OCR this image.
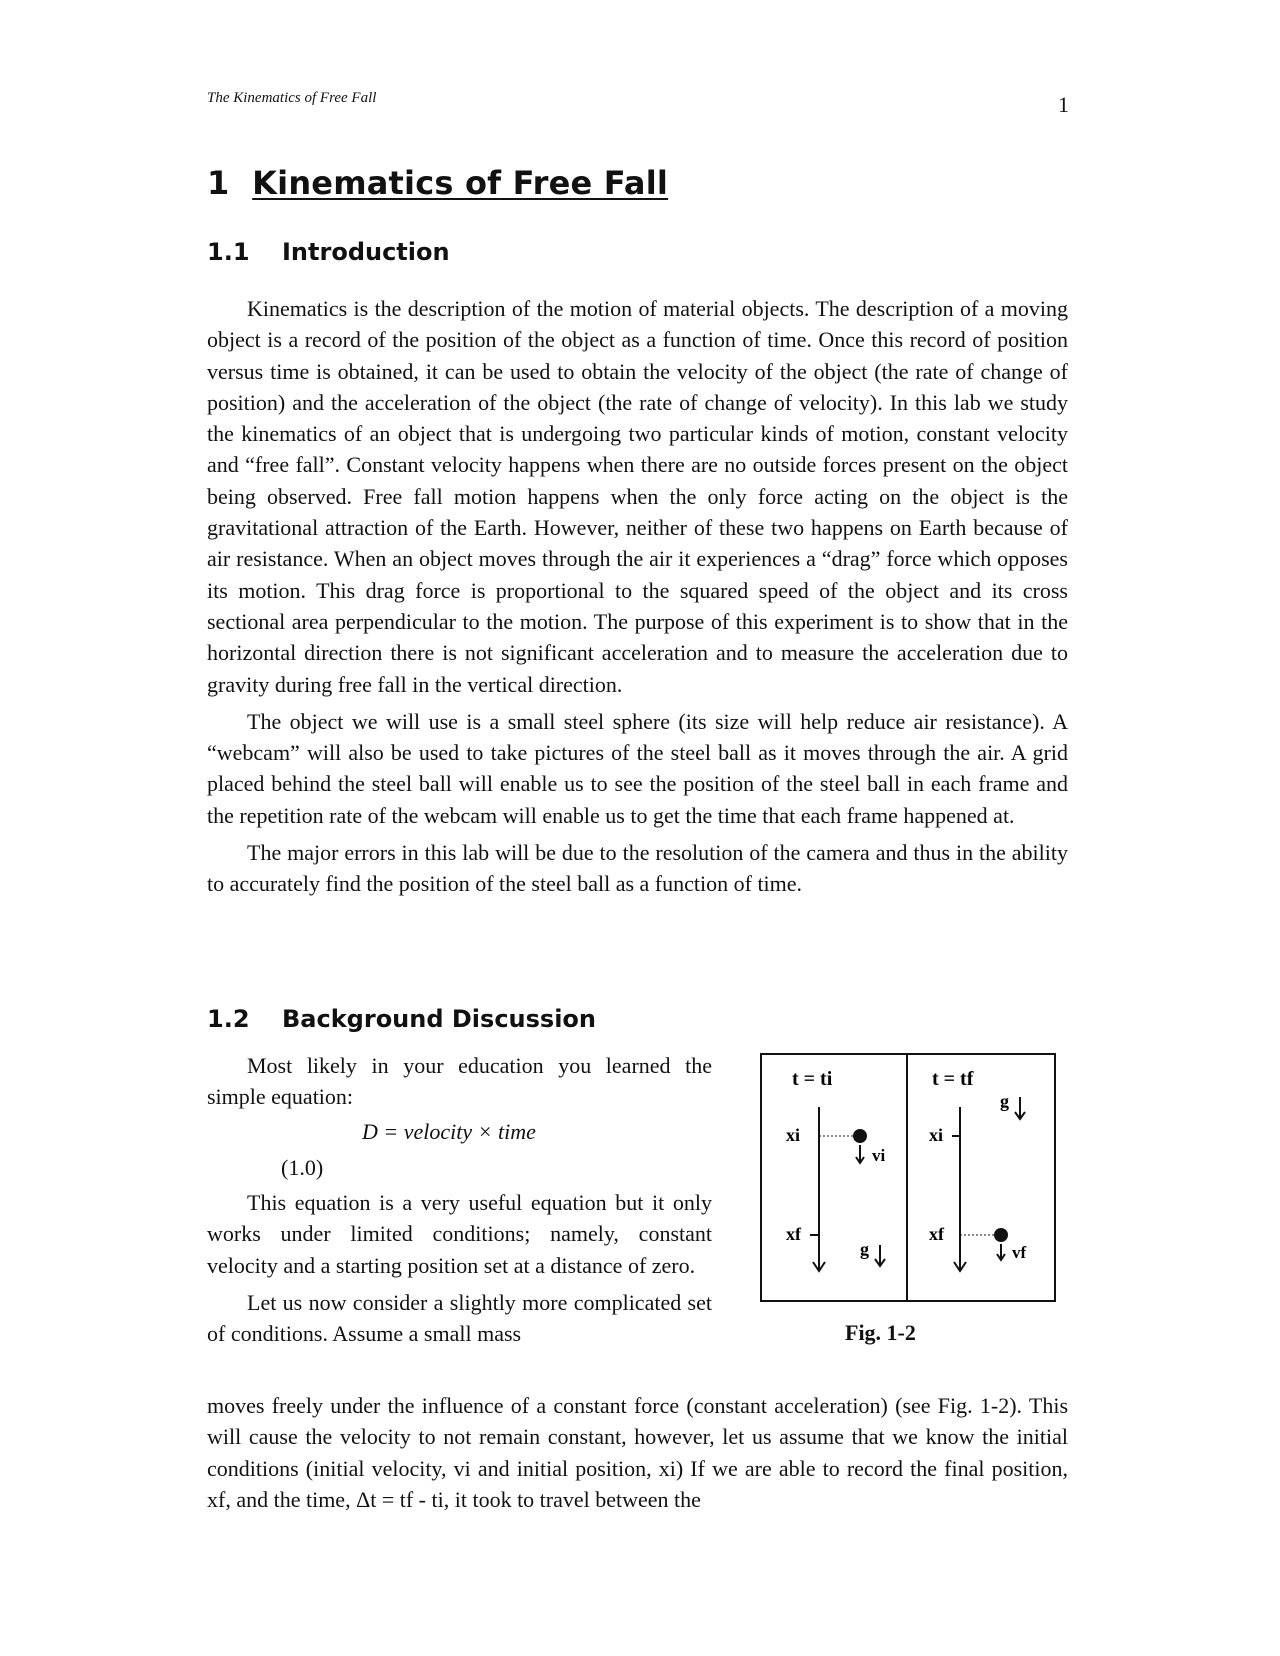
The Kinematics of Free Fall	1
1 Kinematics of Free Fall
1.1 Introduction

Kinematics is the description of the motion of material objects. The description of a moving object is a record of the position of the object as a function of time. Once this record of position versus time is obtained, it can be used to obtain the velocity of the object (the rate of change of position) and the acceleration of the object (the rate of change of velocity). In this lab we study the kinematics of an object that is undergoing two particular kinds of motion, constant velocity and “free fall”. Constant velocity happens when there are no outside forces present on the object being observed. Free fall motion happens when the only force acting on the object is the gravitational attraction of the Earth. However, neither of these two happens on Earth because of air resistance. When an object moves through the air it experiences a “drag” force which opposes its motion. This drag force is proportional to the squared speed of the object and its cross sectional area perpendicular to the motion. The purpose of this experiment is to show that in the horizontal direction there is not significant acceleration and to measure the acceleration due to gravity during free fall in the vertical direction.

The object we will use is a small steel sphere (its size will help reduce air resistance). A “webcam” will also be used to take pictures of the steel ball as it moves through the air. A grid placed behind the steel ball will enable us to see the position of the steel ball in each frame and the repetition rate of the webcam will enable us to get the time that each frame happened at.

The major errors in this lab will be due to the resolution of the camera and thus in the ability to accurately find the position of the steel ball as a function of time.

1.2 Background Discussion

Most likely in your education you learned the simple equation:

D = velocity × time
(1.0)

This equation is a very useful equation but it only works under limited conditions; namely, constant velocity and a starting position set at a distance of zero.

Let us now consider a slightly more complicated set of conditions. Assume a small mass

t = ti
xi
vi
xf
g
t = tf
g
xi
xf
vf
Fig. 1-2
moves freely under the influence of a constant force (constant acceleration) (see Fig. 1-2). This will cause the velocity to not remain constant, however, let us assume that we know the initial conditions (initial velocity, vi and initial position, xi) If we are able to record the final position, xf, and the time, Δt = tf - ti, it took to travel between the
